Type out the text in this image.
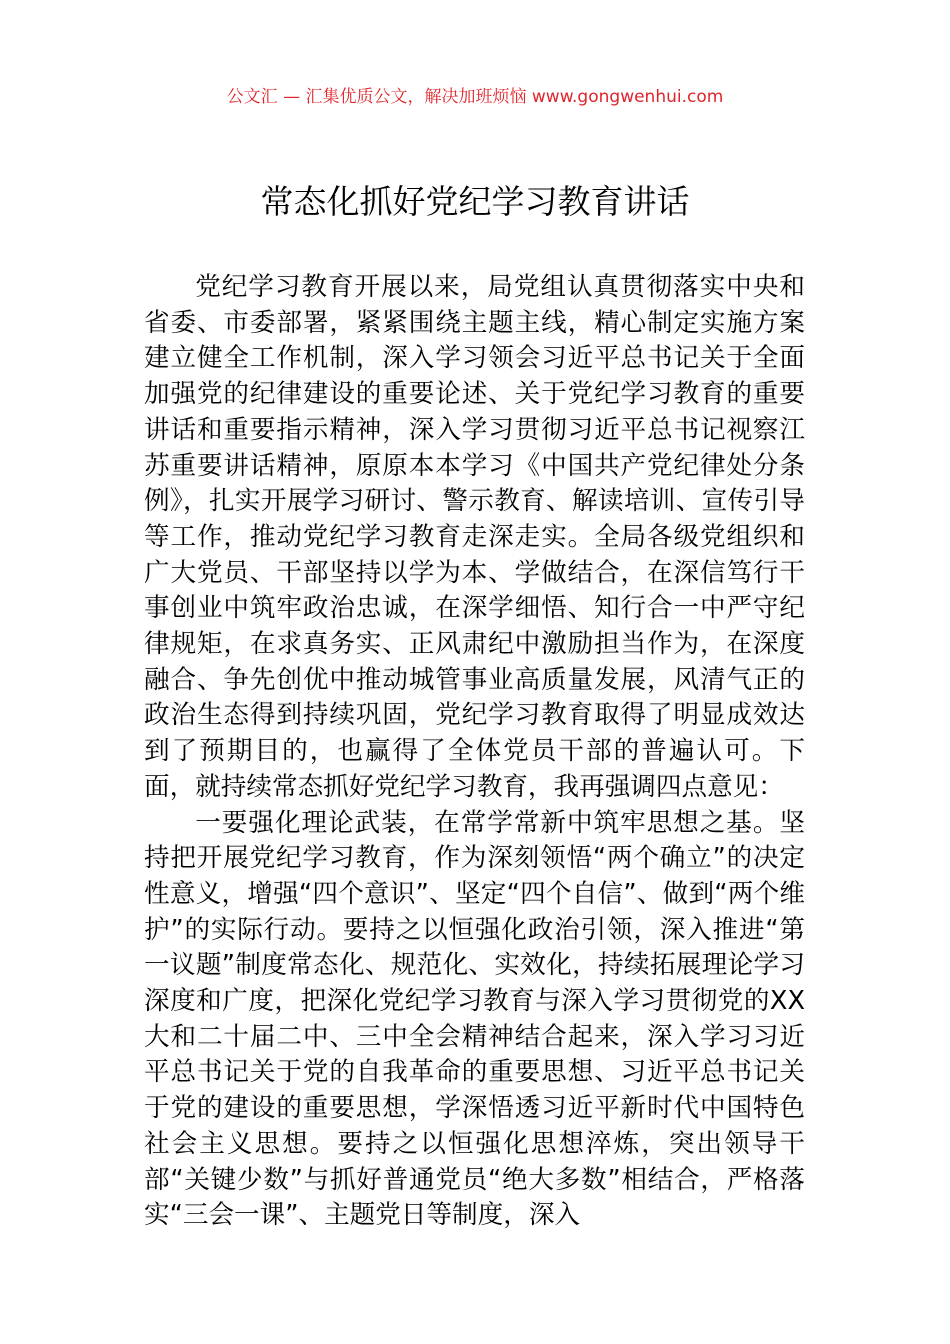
公文汇 — 汇集优质公文，解决加班烦恼 www.gongwenhui.com
常态化抓好党纪学习教育讲话

党纪学习教育开展以来，局党组认真贯彻落实中央和省委、市委部署，紧紧围绕主题主线，精心制定实施方案建立健全工作机制，深入学习领会习近平总书记关于全面加强党的纪律建设的重要论述、关于党纪学习教育的重要讲话和重要指示精神，深入学习贯彻习近平总书记视察江苏重要讲话精神，原原本本学习《中国共产党纪律处分条例》，扎实开展学习研讨、警示教育、解读培训、宣传引导等工作，推动党纪学习教育走深走实。全局各级党组织和广大党员、干部坚持以学为本、学做结合，在深信笃行干事创业中筑牢政治忠诚，在深学细悟、知行合一中严守纪律规矩，在求真务实、正风肃纪中激励担当作为，在深度融合、争先创优中推动城管事业高质量发展，风清气正的政治生态得到持续巩固，党纪学习教育取得了明显成效达到了预期目的，也赢得了全体党员干部的普遍认可。下面，就持续常态抓好党纪学习教育，我再强调四点意见：

一要强化理论武装，在常学常新中筑牢思想之基。坚持把开展党纪学习教育，作为深刻领悟“两个确立”的决定性意义，增强“四个意识”、坚定“四个自信”、做到“两个维护”的实际行动。要持之以恒强化政治引领，深入推进“第一议题”制度常态化、规范化、实效化，持续拓展理论学习深度和广度，把深化党纪学习教育与深入学习贯彻党的XX大和二十届二中、三中全会精神结合起来，深入学习习近平总书记关于党的自我革命的重要思想、习近平总书记关于党的建设的重要思想，学深悟透习近平新时代中国特色社会主义思想。要持之以恒强化思想淬炼，突出领导干部“关键少数”与抓好普通党员“绝大多数”相结合，严格落实“三会一课”、主题党日等制度，深入
